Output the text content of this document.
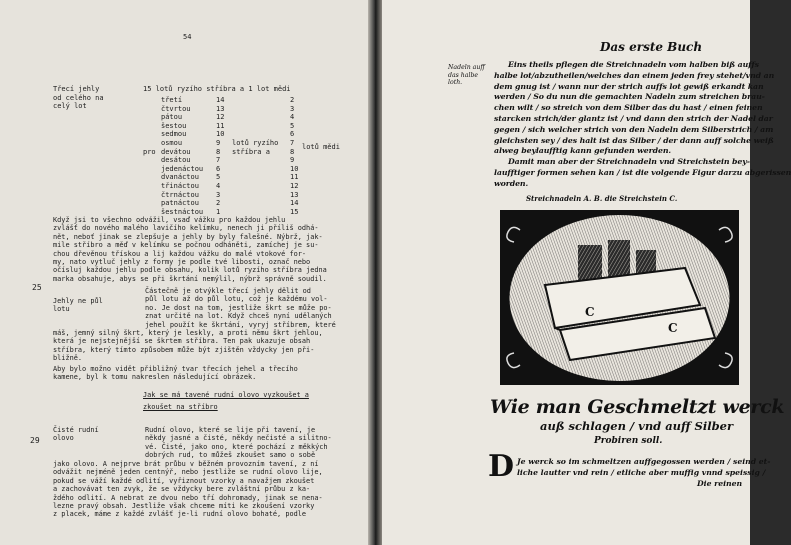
54
Třecí jehly
od celého na
celý lot
15 lotů ryzího stříbra a 1 lot mědi

pro

třetí
čtvrtou
pátou
šestou
sedmou
osmou
devátou
desátou
jedenáctou
dvanáctou
třináctou
čtrnáctou
patnáctou
šestnáctou
14
13
12
11
10
9
8
7
6
5
4
3
2
1
2
3
4
5
6
7
8
9
10
11
12
13
14
15
lotů ryzího
stříbra a
lotů mědi
Když jsi to všechno odvážil, vsaď vážku pro každou jehlu
zvlášť do nového malého lavičího kelímku, nenech ji příliš odhá-
nět, neboť jinak se zlepšuje a jehly by byly falešné. Nýbrž, jak-
mile stříbro a měď v kelímku se počnou odháněti, zamíchej je su-
chou dřevěnou třískou a lij každou vážku do malé vtokové for-
my, nato vytluč jehly z formy je podle tvé libosti, označ nebo
očísluj každou jehlu podle obsahu, kolik lotů ryzího stříbra jedna
marka obsahuje, abys se při škrtání nemýlil, nýbrž správně soudil.
25
Jehly ne půl
lotu
Částečně je otvýkle třecí jehly dělit od
půl lotu až do půl lotu, což je každému vol-
no. Je dost na tom, jestliže škrt se může po-
znat určitě na lot. Když chceš nyní udělaných
jehel použít ke škrtání, vyryj stříbrem, které
máš, jemný silný škrt, který je leskly, a proti němu škrt jehlou,
která je nejstejnější se škrtem stříbra. Ten pak ukazuje obsah
stříbra, který tímto způsobem může být zjištěn vždycky jen při-
bližně.
Aby bylo možno vidět přibližný tvar třecích jehel a třecího
kamene, byl k tomu nakreslen následující obrázek.
Jak se má tavené rudní olovo vyzkoušet a
zkoušet na stříbro
29
Čisté rudní
olovo
Rudní olovo, které se lije při tavení, je
někdy jasné a čisté, někdy nečisté a silitno-
vé. Čisté, jako ono, které pochází z měkkých
dobrých rud, to můžeš zkoušet samo o sobě
jako olovo. A nejprve brát průbu v běžném provozním tavení, z ní
odvážit nejméně jeden centnýř, nebo jestliže se rudní olovo lije,
pokud se váží každé odlití, vyřiznout vzorky a navažjem zkoušet
a zachovávat ten zvyk, že se vždycky bere zvláštní průbu z ka-
ždého odlití. A nebrat ze dvou nebo tří dohromady, jinak se nena-
lezne pravý obsah. Jestliže však chceme míti ke zkoušení vzorky
z placek, máme z každé zvlášť je-li rudní olovo bohaté, podle
Das erste Buch
Nadeln auff
das halbe
loth.
Eins theils pflegen die Streichnadeln vom halben biß auffs
halbe lot/abzutheilen/welches dan einem jeden frey stehet/vnd an
dem gnug ist / wann nur der strich auffs lot gewiß erkandt kan
werden / So du nun die gemachten Nadeln zum streichen brau-
chen wilt / so streich von dem Silber das du hast / einen feinen
starcken strich/der glantz ist / vnd dann den strich der Nadel dar
gegen / sich welcher strich von den Nadeln dem Silberstrich / am
gleichsten sey / des halt ist das Silber / der dann auff solche weiß
alweg beylaufftig kann gefunden werden.
Damit man aber der Streichnadeln vnd Streichstein bey-
laufftiger formen sehen kan / ist die volgende Figur darzu abgerissen
worden.
Streichnadeln A. B. die Streichstein C.
C
C
Wie man Geschmeltzt werck
auß schlagen / vnd auff Silber
Probiren soll.
D Je werck so im schmeltzen auffgegossen werden / seind et-
liche lautter vnd rein / etliche aber muffig vnnd speissig /
Die reinen
